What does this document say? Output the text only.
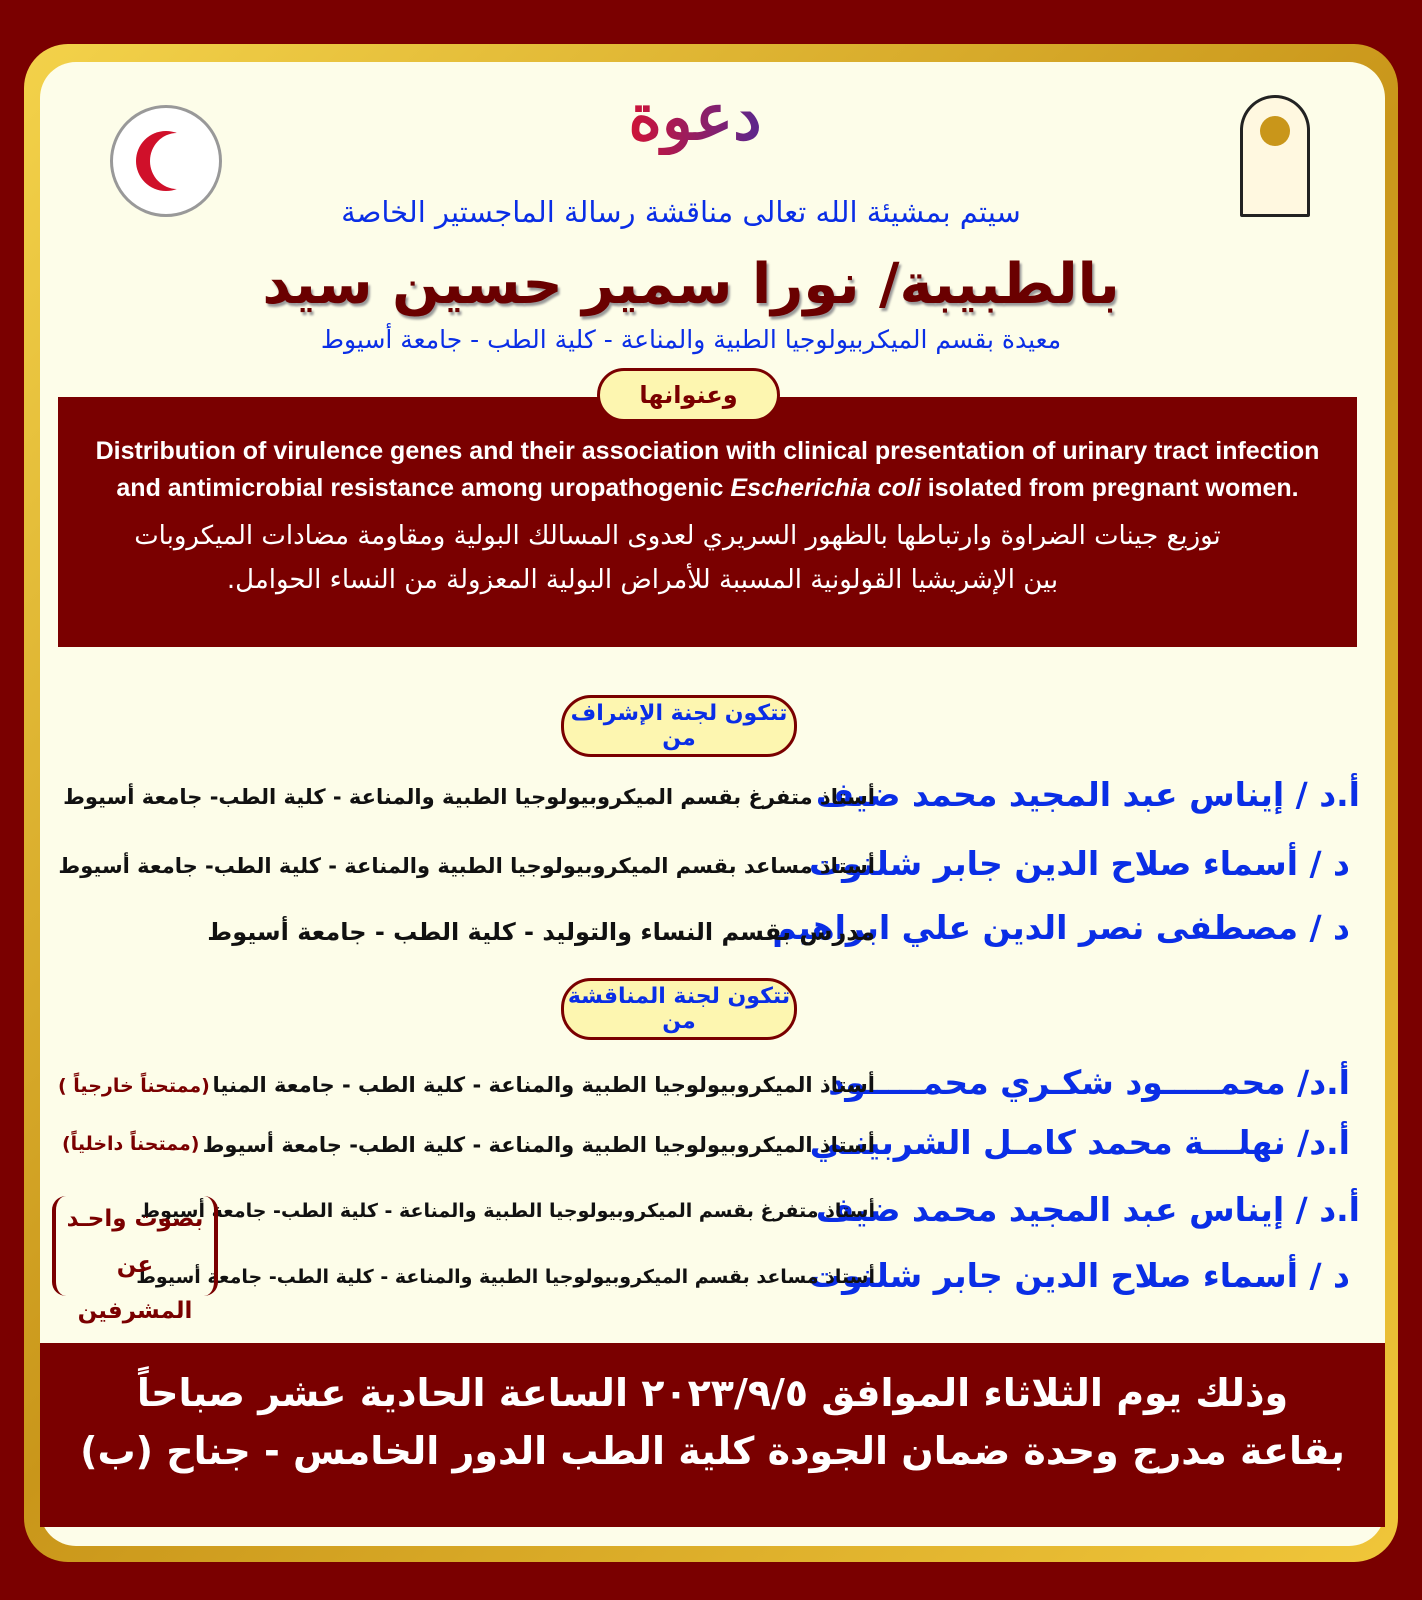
دعوة
سيتم بمشيئة الله تعالى مناقشة رسالة الماجستير الخاصة
بالطبيبة/ نورا سمير حسين سيد
معيدة بقسم الميكربيولوجيا الطبية والمناعة - كلية الطب - جامعة أسيوط
Distribution of virulence genes and their association with clinical presentation of urinary tract infection
and antimicrobial resistance among uropathogenic Escherichia coli isolated from pregnant women.
توزيع جينات الضراوة وارتباطها بالظهور السريري لعدوى المسالك البولية ومقاومة مضادات الميكروبات
بين الإشريشيا القولونية المسببة للأمراض البولية المعزولة من النساء الحوامل.
وعنوانها
تتكون لجنة الإشراف من
أ.د / إيناس عبد المجيد محمد ضيف
أستاذ متفرغ بقسم الميكروبيولوجيا الطبية والمناعة - كلية الطب- جامعة أسيوط
د / أسماء صلاح الدين جابر شلتوت
أستاذ مساعد بقسم الميكروبيولوجيا الطبية والمناعة - كلية الطب- جامعة أسيوط
د / مصطفى نصر الدين علي ابراهيم
مدرس بقسم النساء والتوليد - كلية الطب - جامعة أسيوط
تتكون لجنة المناقشة من
أ.د/ محمـــــود شكـري محمـــــود
أستاذ الميكروبيولوجيا الطبية والمناعة - كلية الطب - جامعة المنيا
(ممتحناً خارجياً )
أ.د/ نهلـــة محمد كامـل الشربينـي
أستاذ الميكروبيولوجيا الطبية والمناعة - كلية الطب- جامعة أسيوط
(ممتحناً داخلياً)
أ.د / إيناس عبد المجيد محمد ضيف
أستاذ متفرغ بقسم الميكروبيولوجيا الطبية والمناعة - كلية الطب- جامعة أسيوط
د / أسماء صلاح الدين جابر شلتوت
أستاذ مساعد بقسم الميكروبيولوجيا الطبية والمناعة - كلية الطب- جامعة أسيوط
بصوت واحـد
عن المشرفين
وذلك يوم الثلاثاء الموافق ٢٠٢٣/٩/٥ الساعة الحادية عشر صباحاً
بقاعة مدرج وحدة ضمان الجودة كلية الطب الدور الخامس - جناح (ب)
